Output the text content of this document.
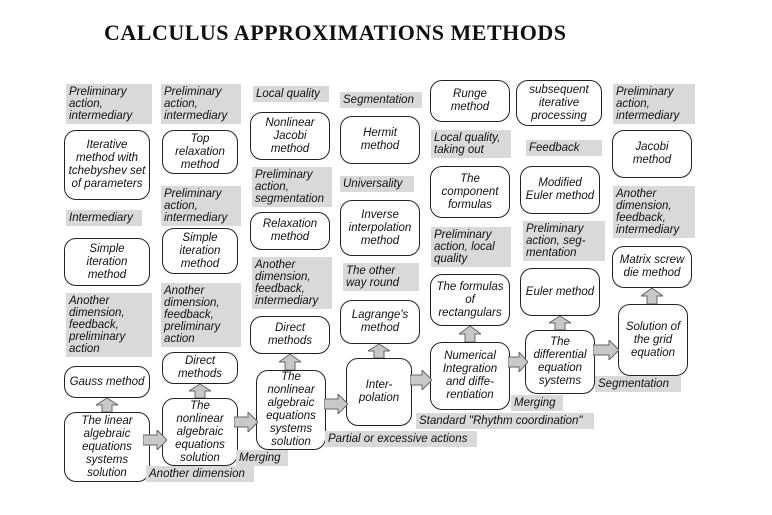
CALCULUS APPROXIMATIONS METHODS
Preliminary action, intermediary
Iterative method with tchebyshev set of parameters
Intermediary
Simple iteration method
Another dimension, feedback, preliminary action
Gauss method
The linear algebraic equations systems solution
Preliminary action, intermediary
Top relaxation method
Preliminary action, intermediary
Simple iteration method
Another dimension, feedback, preliminary action
Direct methods
The nonlinear algebraic equations solution
Another dimension
Local quality
Nonlinear Jacobi method
Preliminary action, segmentation
Relaxation method
Another dimension, feedback, intermediary
Direct methods
The nonlinear algebraic equations systems solution
Merging
Partial or excessive actions
Segmentation
Hermit method
Universality
Inverse interpolation method
The other way round
Lagrange's method
Inter-polation
Runge method
Local quality, taking out
The component formulas
Preliminary action, local quality
The formulas of rectangulars
Numerical Integration and diffe-rentiation
Standard "Rhythm coordination"
subsequent iterative processing
Feedback
Modified Euler method
Preliminary action, seg-mentation
Euler method
The differential equation systems
Merging
Preliminary action, intermediary
Jacobi method
Another dimension, feedback, intermediary
Matrix screw die method
Solution of the grid equation
Segmentation
